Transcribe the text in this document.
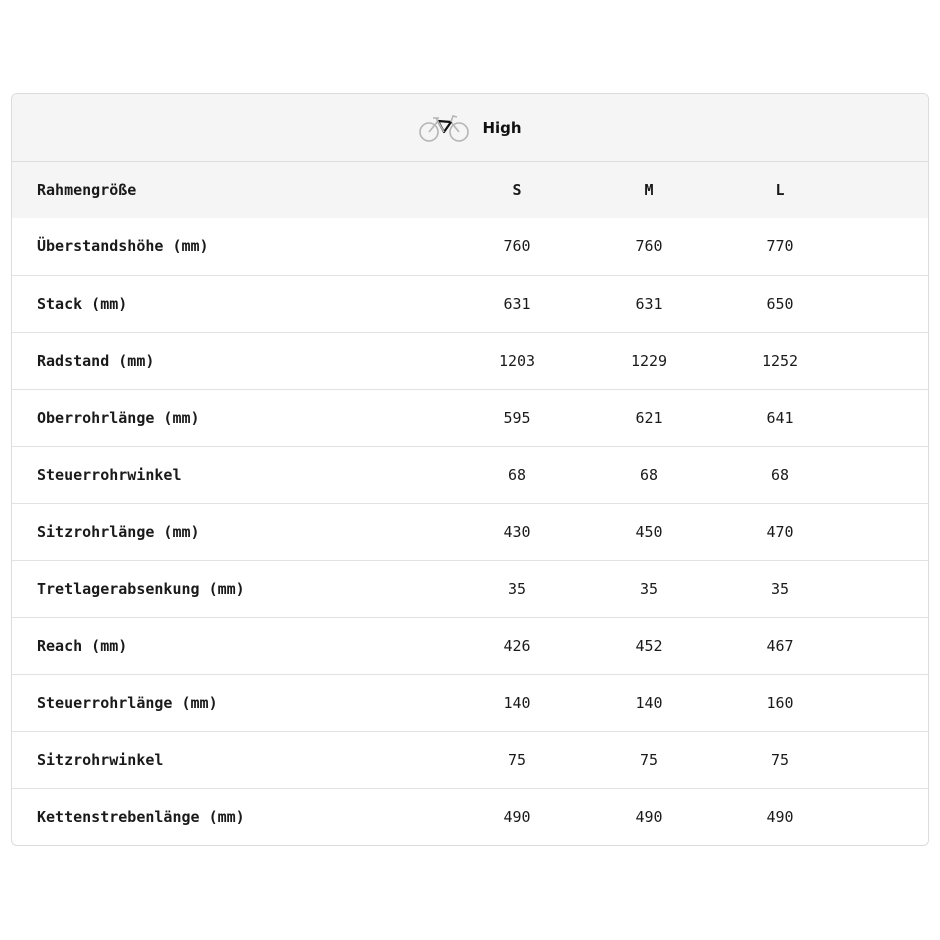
High
Rahmengröße	S	M	L	
Überstandshöhe (mm)	760	760	770	
Stack (mm)	631	631	650	
Radstand (mm)	1203	1229	1252	
Oberrohrlänge (mm)	595	621	641	
Steuerrohrwinkel	68	68	68	
Sitzrohrlänge (mm)	430	450	470	
Tretlagerabsenkung (mm)	35	35	35	
Reach (mm)	426	452	467	
Steuerrohrlänge (mm)	140	140	160	
Sitzrohrwinkel	75	75	75	
Kettenstrebenlänge (mm)	490	490	490	
